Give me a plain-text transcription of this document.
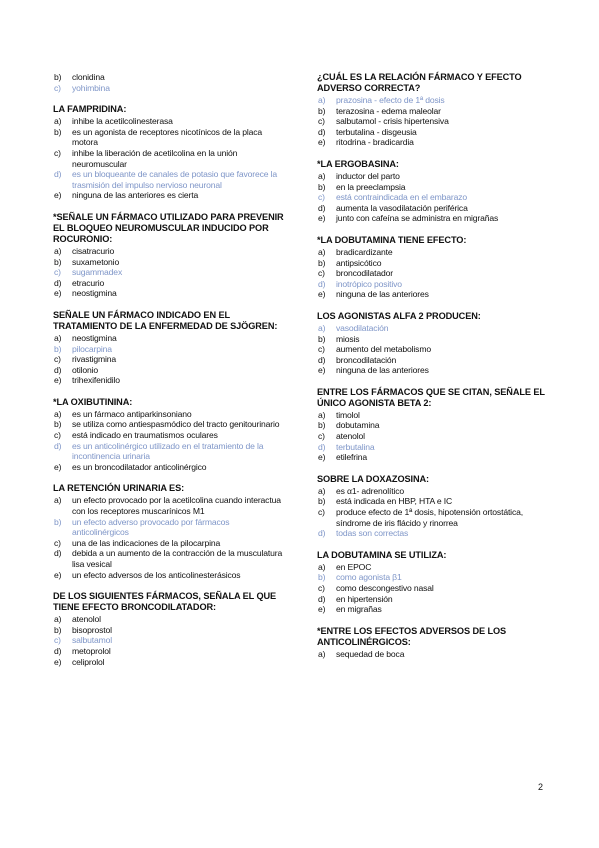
b)	clonidina
c)	yohimbina
LA FAMPRIDINA:
a)	inhibe la acetilcolinesterasa
b)	es un agonista de receptores nicotínicos de la placa motora
c)	inhibe la liberación de acetilcolina en la unión neuromuscular
d)	es un bloqueante de canales de potasio que favorece la trasmisión del impulso nervioso neuronal
e)	ninguna de las anteriores es cierta
*SEÑALE UN FÁRMACO UTILIZADO PARA PREVENIR EL BLOQUEO NEUROMUSCULAR INDUCIDO POR ROCURONIO:
a)	cisatracurio
b)	suxametonio
c)	sugammadex
d)	etracurio
e)	neostigmina
SEÑALE UN FÁRMACO INDICADO EN EL TRATAMIENTO DE LA ENFERMEDAD DE SJÖGREN:
a)	neostigmina
b)	pilocarpina
c)	rivastigmina
d)	otilonio
e)	trihexifenidilo
*LA OXIBUTININA:
a)	es un fármaco antiparkinsoniano
b)	se utiliza como antiespasmódico del tracto genitourinario
c)	está indicado en traumatismos oculares
d)	es un anticolinérgico utilizado en el tratamiento de la incontinencia urinaria
e)	es un broncodilatador anticolinérgico
LA RETENCIÓN URINARIA ES:
a)	un efecto provocado por la acetilcolina cuando interactua con los receptores muscarínicos M1
b)	un efecto adverso provocado por fármacos anticolinérgicos
c)	una de las indicaciones de la pilocarpina
d)	debida a un aumento de la contracción de la musculatura lisa vesical
e)	un efecto adversos de los anticolinesterásicos
DE LOS SIGUIENTES FÁRMACOS, SEÑALA EL QUE TIENE EFECTO BRONCODILATADOR:
a)	atenolol
b)	bisoprostol
c)	salbutamol
d)	metoprolol
e)	celiprolol
¿CUÁL ES LA RELACIÓN FÁRMACO Y EFECTO ADVERSO CORRECTA?
a)	prazosina - efecto de 1ª dosis
b)	terazosina - edema maleolar
c)	salbutamol - crisis hipertensiva
d)	terbutalina - disgeusia
e)	ritodrina - bradicardia
*LA ERGOBASINA:
a)	inductor del parto
b)	en la preeclampsia
c)	está contraindicada en el embarazo
d)	aumenta la vasodilatación periférica
e)	junto con cafeína se administra en migrañas
*LA DOBUTAMINA TIENE EFECTO:
a)	bradicardizante
b)	antipsicótico
c)	broncodilatador
d)	inotrópico positivo
e)	ninguna de las anteriores
LOS AGONISTAS ALFA 2 PRODUCEN:
a)	vasodilatación
b)	miosis
c)	aumento del metabolismo
d)	broncodilatación
e)	ninguna de las anteriores
ENTRE LOS FÁRMACOS QUE SE CITAN, SEÑALE EL ÚNICO AGONISTA BETA 2:
a)	timolol
b)	dobutamina
c)	atenolol
d)	terbutalina
e)	etilefrina
SOBRE LA DOXAZOSINA:
a)	es α1- adrenolítico
b)	está indicada en HBP, HTA e IC
c)	produce efecto de 1ª dosis, hipotensión ortostática, síndrome de iris flácido y rinorrea
d)	todas son correctas
LA DOBUTAMINA SE UTILIZA:
a)	en EPOC
b)	como agonista β1
c)	como descongestivo nasal
d)	en hipertensión
e)	en migrañas
*ENTRE LOS EFECTOS ADVERSOS DE LOS ANTICOLINÉRGICOS:
a)	sequedad de boca
2
